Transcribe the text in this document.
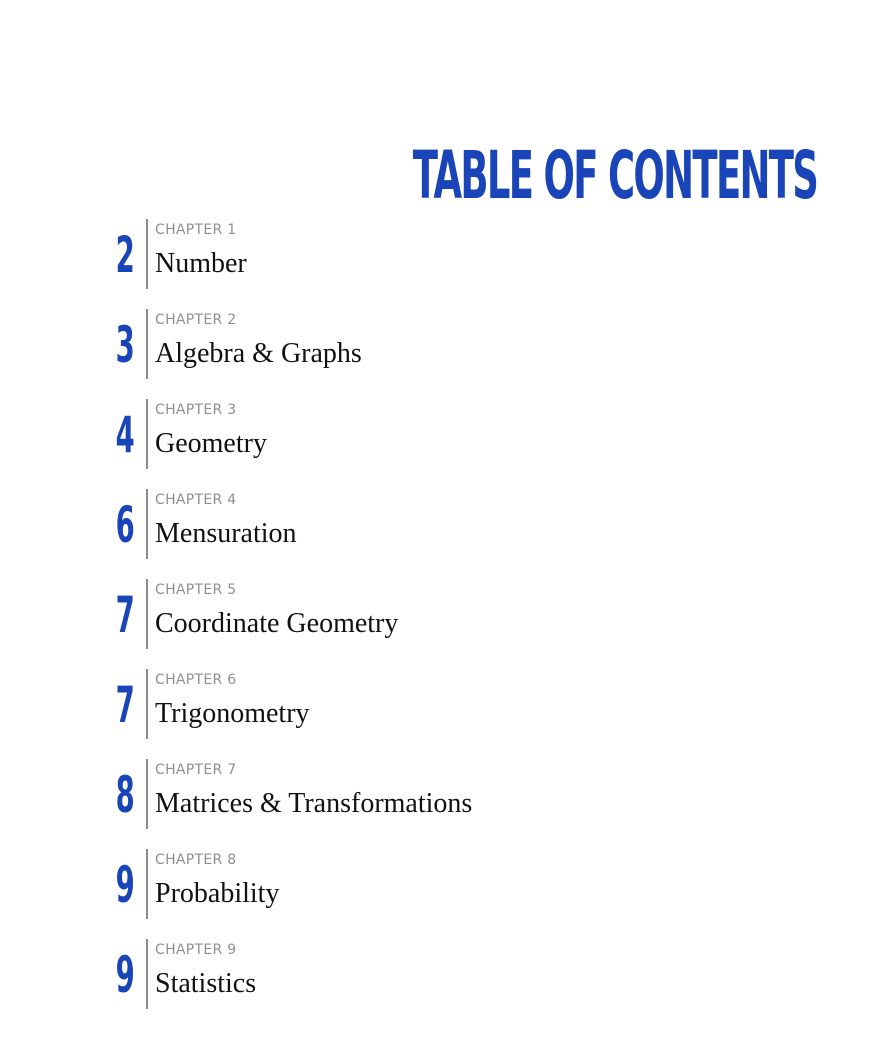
TABLE OF CONTENTS
2 CHAPTER 1
Number
3 CHAPTER 2
Algebra & Graphs
4 CHAPTER 3
Geometry
6 CHAPTER 4
Mensuration
7 CHAPTER 5
Coordinate Geometry
7 CHAPTER 6
Trigonometry
8 CHAPTER 7
Matrices & Transformations
9 CHAPTER 8
Probability
9 CHAPTER 9
Statistics
